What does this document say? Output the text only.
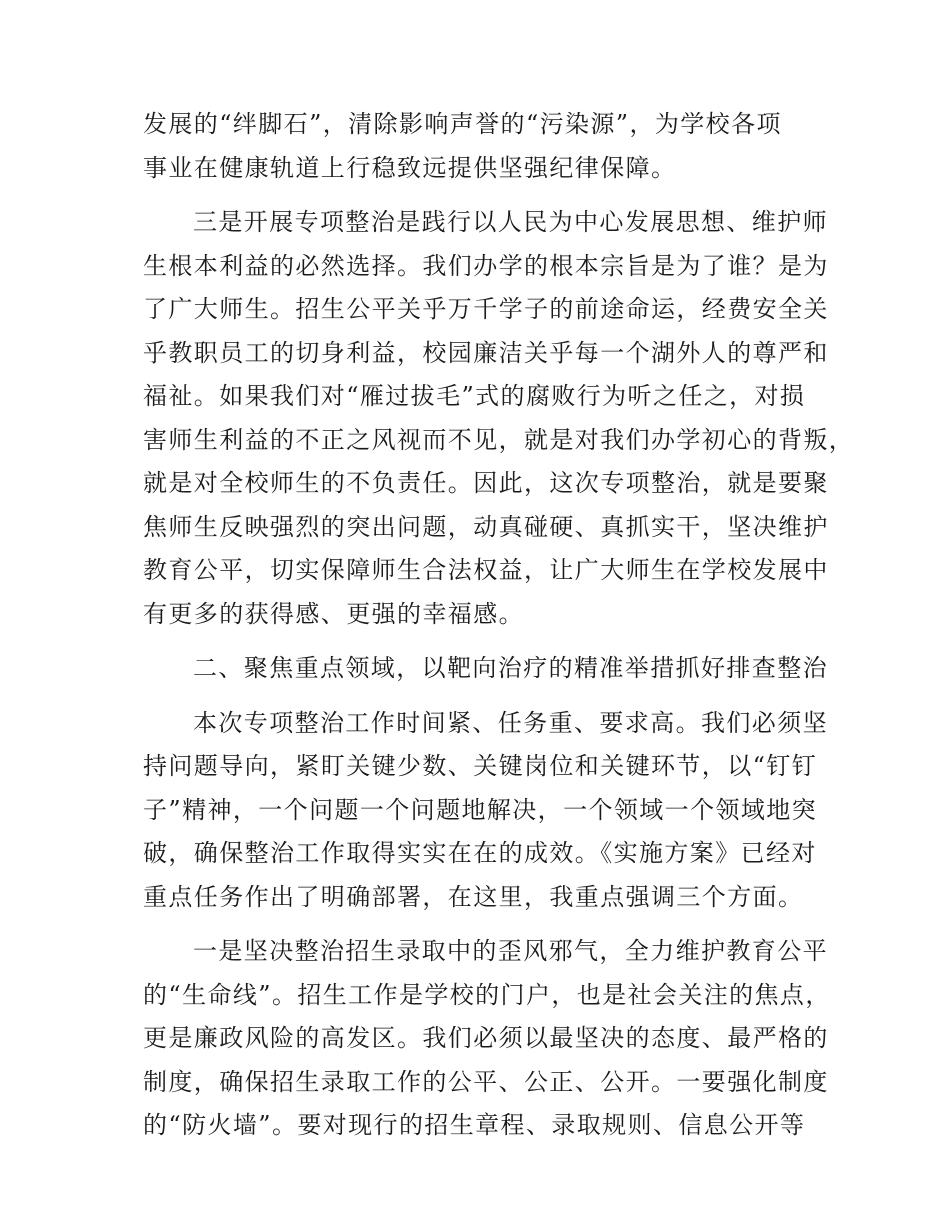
发展的“绊脚石”，清除影响声誉的“污染源”，为学校各项
事业在健康轨道上行稳致远提供坚强纪律保障。

三是开展专项整治是践行以人民为中心发展思想、维护师
生根本利益的必然选择。我们办学的根本宗旨是为了谁？是为
了广大师生。招生公平关乎万千学子的前途命运，经费安全关
乎教职员工的切身利益，校园廉洁关乎每一个湖外人的尊严和
福祉。如果我们对“雁过拔毛”式的腐败行为听之任之，对损
害师生利益的不正之风视而不见，就是对我们办学初心的背叛，
就是对全校师生的不负责任。因此，这次专项整治，就是要聚
焦师生反映强烈的突出问题，动真碰硬、真抓实干，坚决维护
教育公平，切实保障师生合法权益，让广大师生在学校发展中
有更多的获得感、更强的幸福感。

二、聚焦重点领域，以靶向治疗的精准举措抓好排查整治

本次专项整治工作时间紧、任务重、要求高。我们必须坚
持问题导向，紧盯关键少数、关键岗位和关键环节，以“钉钉
子”精神，一个问题一个问题地解决，一个领域一个领域地突
破，确保整治工作取得实实在在的成效。《实施方案》已经对
重点任务作出了明确部署，在这里，我重点强调三个方面。

一是坚决整治招生录取中的歪风邪气，全力维护教育公平
的“生命线”。招生工作是学校的门户，也是社会关注的焦点，
更是廉政风险的高发区。我们必须以最坚决的态度、最严格的
制度，确保招生录取工作的公平、公正、公开。一要强化制度
的“防火墙”。要对现行的招生章程、录取规则、信息公开等
